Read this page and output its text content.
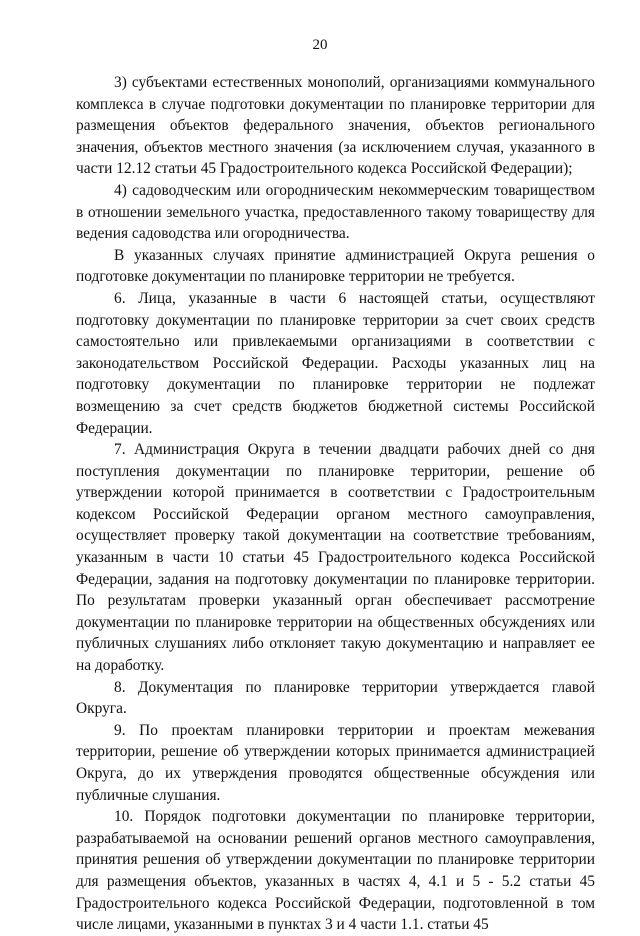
20

3) субъектами естественных монополий, организациями коммунального комплекса в случае подготовки документации по планировке территории для размещения объектов федерального значения, объектов регионального значения, объектов местного значения (за исключением случая, указанного в части 12.12 статьи 45 Градостроительного кодекса Российской Федерации);

4) садоводческим или огородническим некоммерческим товариществом в отношении земельного участка, предоставленного такому товариществу для ведения садоводства или огородничества.

В указанных случаях принятие администрацией Округа решения о подготовке документации по планировке территории не требуется.

6. Лица, указанные в части 6 настоящей статьи, осуществляют подготовку документации по планировке территории за счет своих средств самостоятельно или привлекаемыми организациями в соответствии с законодательством Российской Федерации. Расходы указанных лиц на подготовку документации по планировке территории не подлежат возмещению за счет средств бюджетов бюджетной системы Российской Федерации.

7. Администрация Округа в течении двадцати рабочих дней со дня поступления документации по планировке территории, решение об утверждении которой принимается в соответствии с Градостроительным кодексом Российской Федерации органом местного самоуправления, осуществляет проверку такой документации на соответствие требованиям, указанным в части 10 статьи 45 Градостроительного кодекса Российской Федерации, задания на подготовку документации по планировке территории. По результатам проверки указанный орган обеспечивает рассмотрение документации по планировке территории на общественных обсуждениях или публичных слушаниях либо отклоняет такую документацию и направляет ее на доработку.

8. Документация по планировке территории утверждается главой Округа.

9. По проектам планировки территории и проектам межевания территории, решение об утверждении которых принимается администрацией Округа, до их утверждения проводятся общественные обсуждения или публичные слушания.

10. Порядок подготовки документации по планировке территории, разрабатываемой на основании решений органов местного самоуправления, принятия решения об утверждении документации по планировке территории для размещения объектов, указанных в частях 4, 4.1 и 5 - 5.2 статьи 45 Градостроительного кодекса Российской Федерации, подготовленной в том числе лицами, указанными в пунктах 3 и 4 части 1.1. статьи 45
